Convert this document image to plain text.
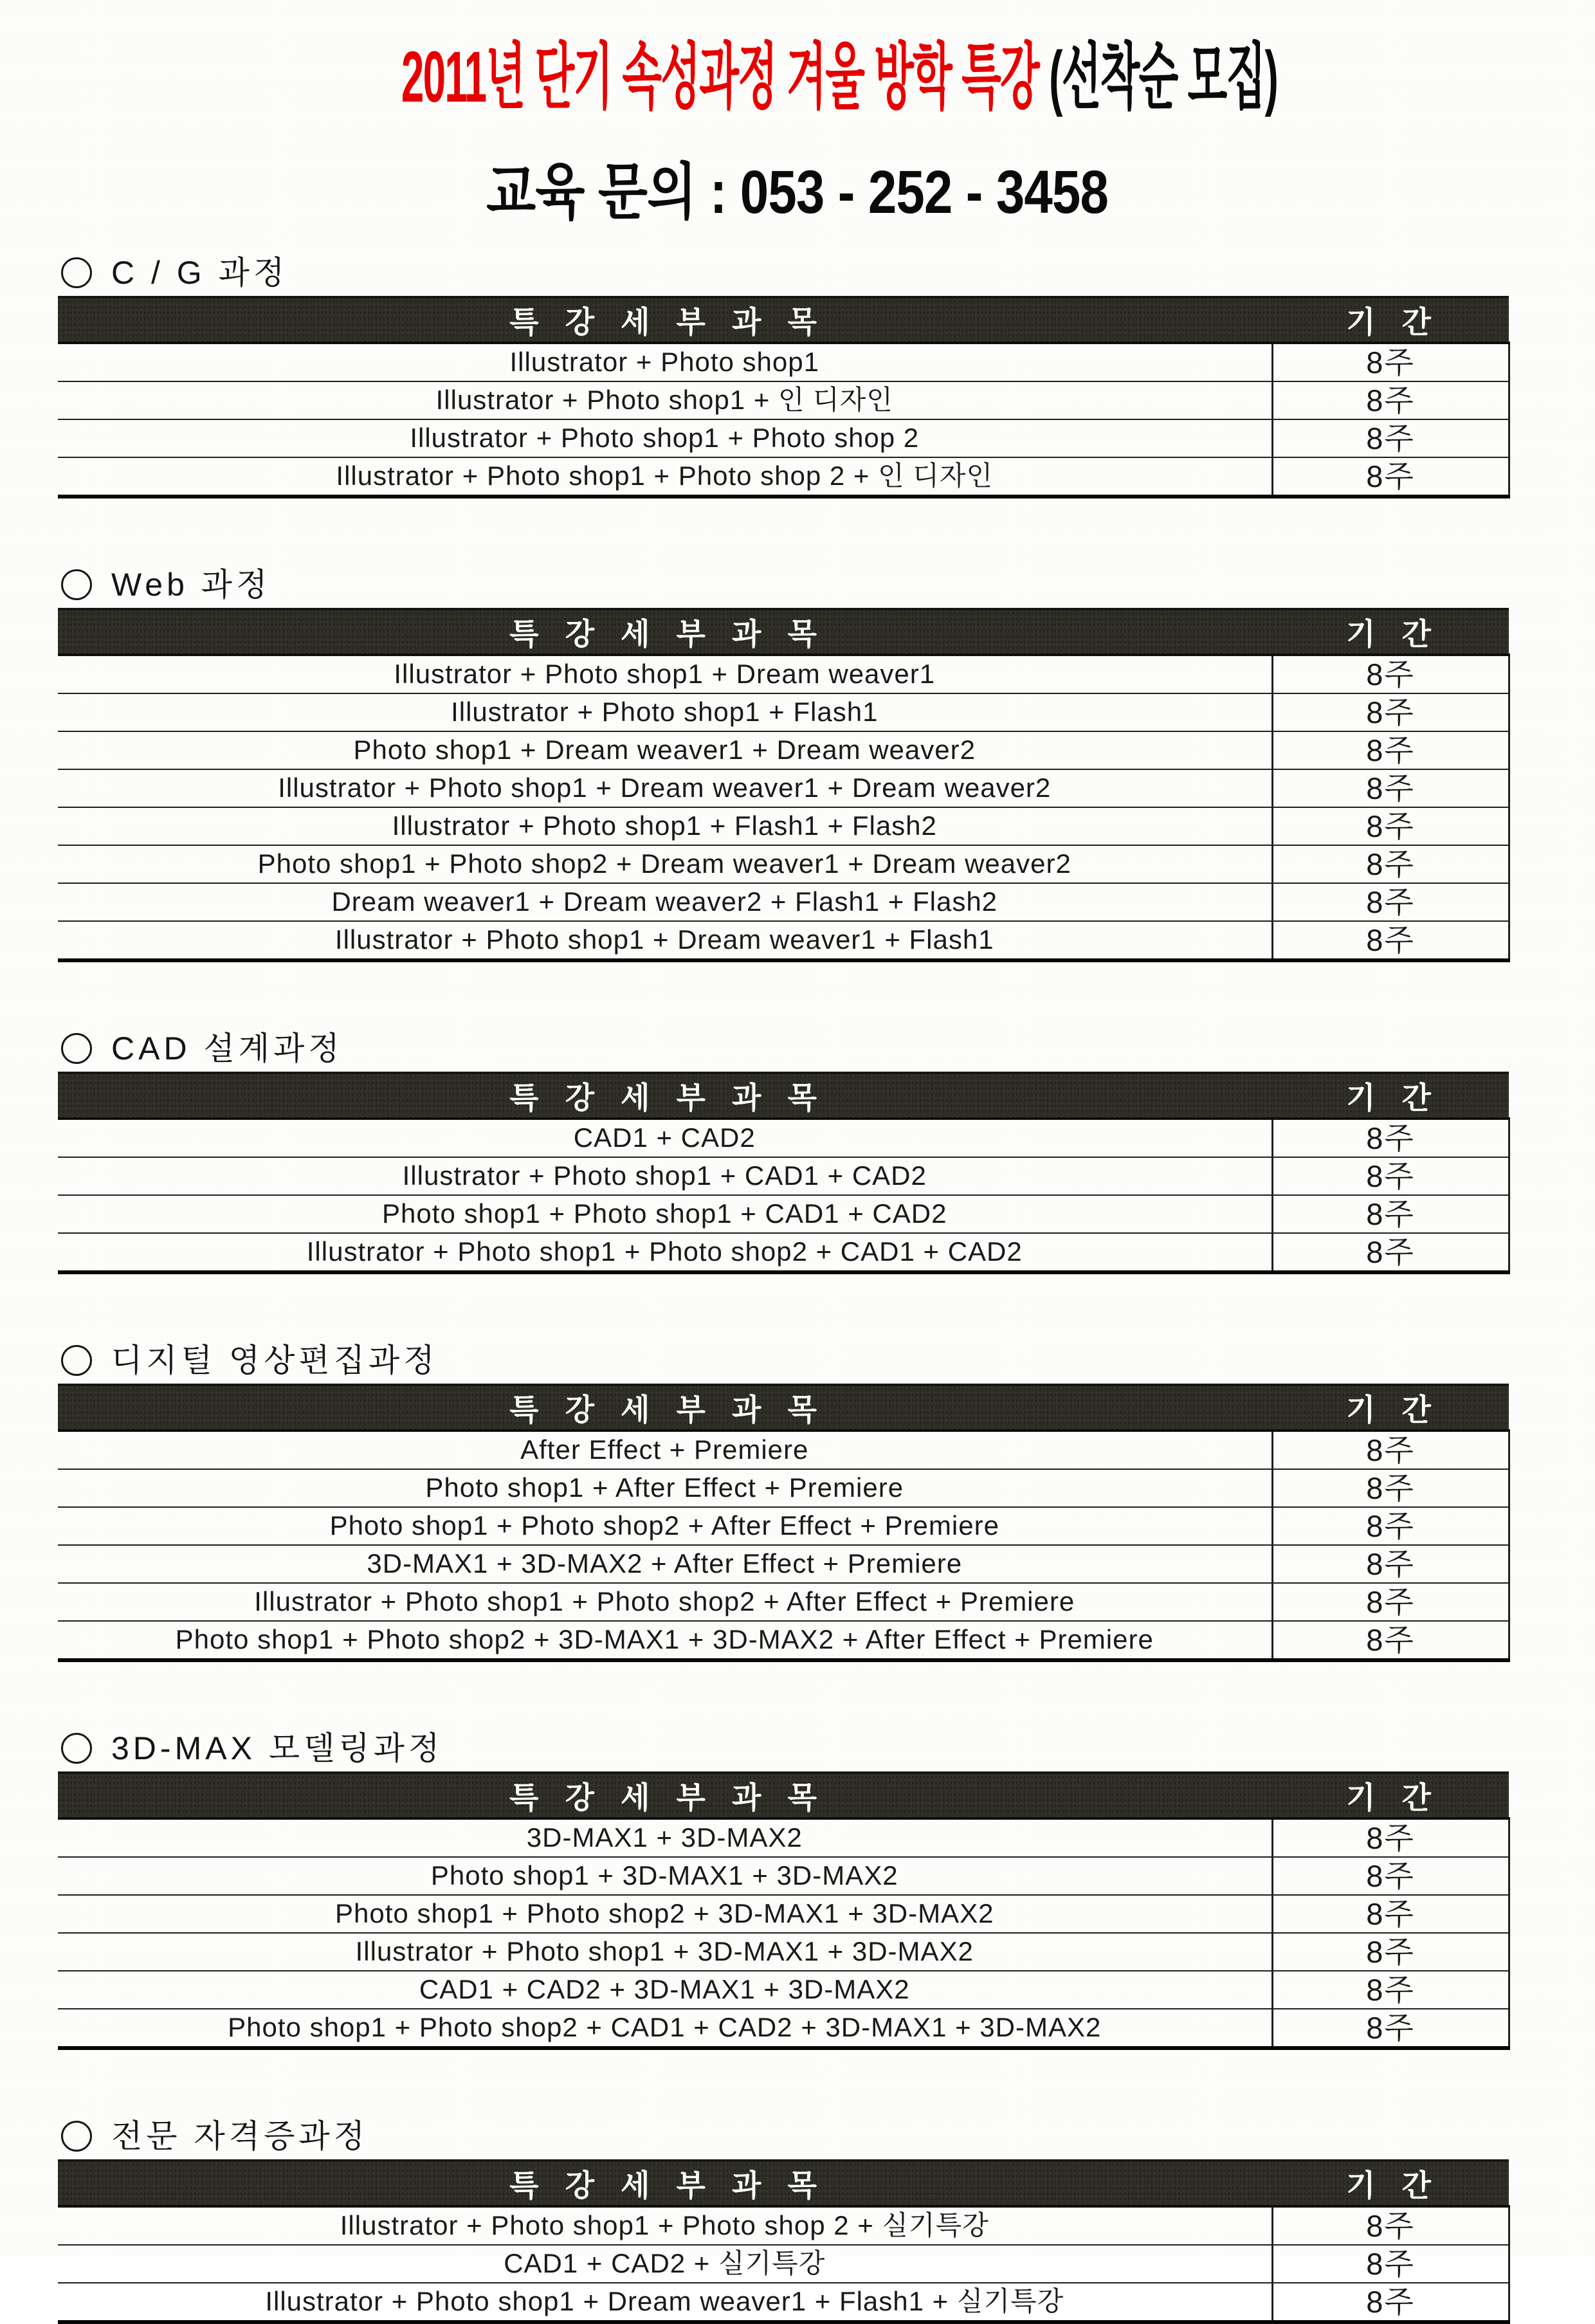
2011년 단기 속성과정 겨울 방학 특강 (선착순 모집)
교육 문의 : 053 - 252 - 3458
C / G 과정
특 강 세 부 과 목	기 간
Illustrator + Photo shop1	8주
Illustrator + Photo shop1 + 인 디자인	8주
Illustrator + Photo shop1 + Photo shop 2	8주
Illustrator + Photo shop1 + Photo shop 2 + 인 디자인	8주
Web 과정
특 강 세 부 과 목	기 간
Illustrator + Photo shop1 + Dream weaver1	8주
Illustrator + Photo shop1 + Flash1	8주
Photo shop1 + Dream weaver1 + Dream weaver2	8주
Illustrator + Photo shop1 + Dream weaver1 + Dream weaver2	8주
Illustrator + Photo shop1 + Flash1 + Flash2	8주
Photo shop1 + Photo shop2 + Dream weaver1 + Dream weaver2	8주
Dream weaver1 + Dream weaver2 + Flash1 + Flash2	8주
Illustrator + Photo shop1 + Dream weaver1 + Flash1	8주
CAD 설계과정
특 강 세 부 과 목	기 간
CAD1 + CAD2	8주
Illustrator + Photo shop1 + CAD1 + CAD2	8주
Photo shop1 + Photo shop1 + CAD1 + CAD2	8주
Illustrator + Photo shop1 + Photo shop2 + CAD1 + CAD2	8주
디지털 영상편집과정
특 강 세 부 과 목	기 간
After Effect + Premiere	8주
Photo shop1 + After Effect + Premiere	8주
Photo shop1 + Photo shop2 + After Effect + Premiere	8주
3D-MAX1 + 3D-MAX2 + After Effect + Premiere	8주
Illustrator + Photo shop1 + Photo shop2 + After Effect + Premiere	8주
Photo shop1 + Photo shop2 + 3D-MAX1 + 3D-MAX2 + After Effect + Premiere	8주
3D-MAX 모델링과정
특 강 세 부 과 목	기 간
3D-MAX1 + 3D-MAX2	8주
Photo shop1 + 3D-MAX1 + 3D-MAX2	8주
Photo shop1 + Photo shop2 + 3D-MAX1 + 3D-MAX2	8주
Illustrator + Photo shop1 + 3D-MAX1 + 3D-MAX2	8주
CAD1 + CAD2 + 3D-MAX1 + 3D-MAX2	8주
Photo shop1 + Photo shop2 + CAD1 + CAD2 + 3D-MAX1 + 3D-MAX2	8주
전문 자격증과정
특 강 세 부 과 목	기 간
Illustrator + Photo shop1 + Photo shop 2 + 실기특강	8주
CAD1 + CAD2 + 실기특강	8주
Illustrator + Photo shop1 + Dream weaver1 + Flash1 + 실기특강	8주
